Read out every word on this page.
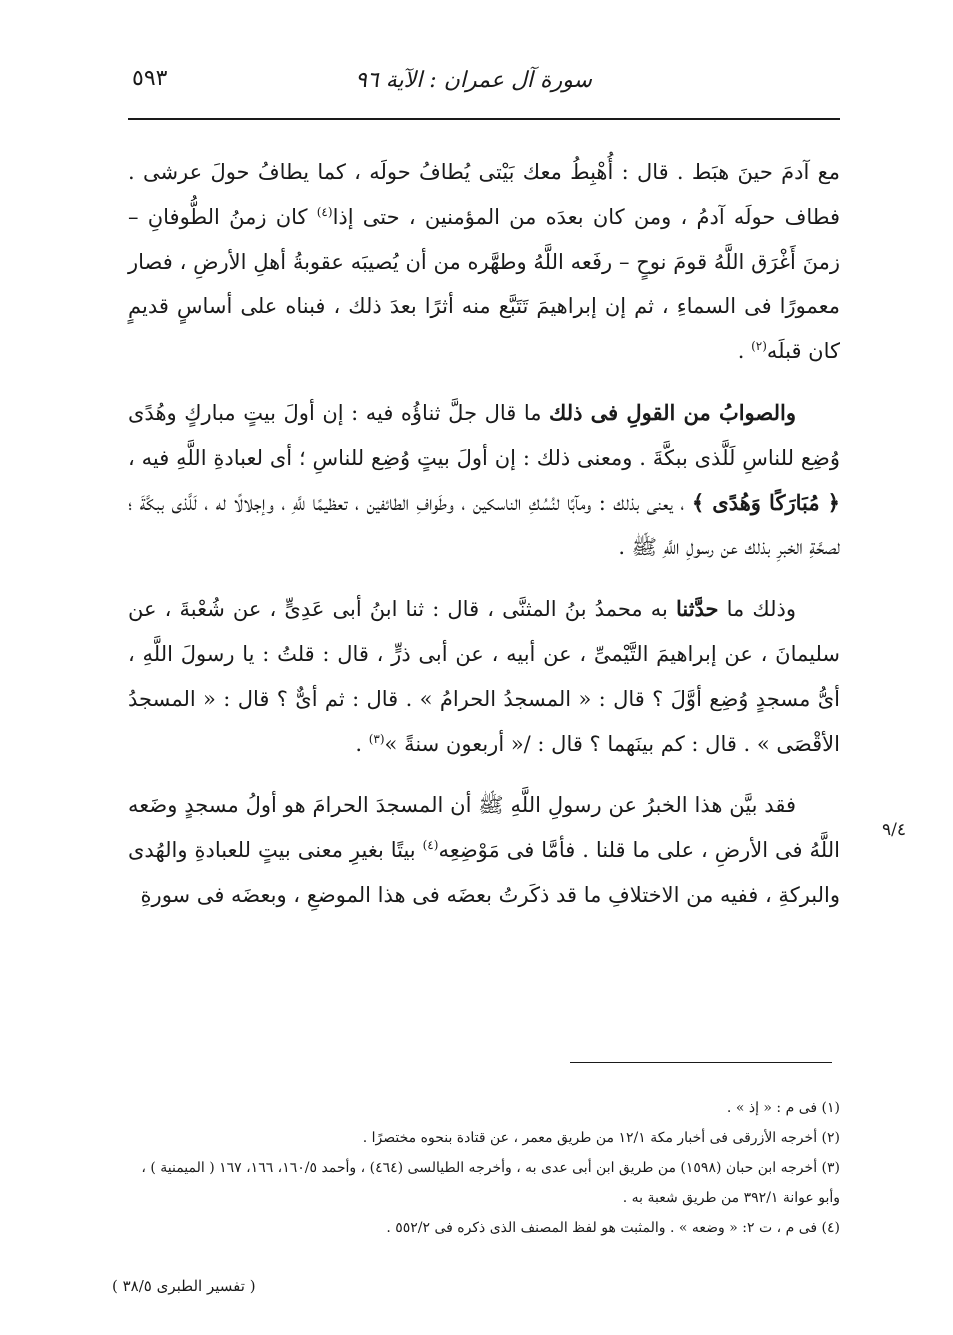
سورة آل عمران : الآية ٩٦
٥٩٣

مع آدمَ حينَ هبَط . قال : أُهْبِطُ معك بَيْتى يُطافُ حولَه ، كما يطافُ حولَ عرشى . فطاف حولَه آدمُ ، ومن كان بعدَه من المؤمنين ، حتى إذا$^{(٤)}$ كان زمنُ الطُّوفانِ – زمنَ أَغْرَق اللَّهُ قومَ نوحٍ – رفَعه اللَّهُ وطهَّره من أن يُصيبَه عقوبةُ أهلِ الأرضِ ، فصار معمورًا فى السماءِ ، ثم إن إبراهيمَ تَتَبَّع منه أثرًا بعدَ ذلك ، فبناه على أساسٍ قديمٍ كان قبلَه$^{(٢)}$ .

والصوابُ من القولِ فى ذلك ما قال جلَّ ثناؤُه فيه : إن أولَ بيتٍ مباركٍ وهُدًى وُضِع للناسِ لَلَّذى ببكَّةَ . ومعنى ذلك : إن أولَ بيتٍ وُضِع للناسِ ؛ أى لعبادةِ اللَّهِ فيه ، ﴿ مُبَارَكًا وَهُدًى ﴾ ، يعنى بذلك : ومآبًا لنُسُكِ الناسكين ، وطَوافِ الطائفين ، تعظيمًا للَّهِ ، وإجلالًا له ، لَلَّذى ببكَّةَ ؛ لصحَّةِ الخبرِ بذلك عن رسولِ اللَّهِ ﷺ .

وذلك ما حدَّثنا به محمدُ بنُ المثنَّى ، قال : ثنا ابنُ أبى عَدِىٍّ ، عن شُعْبةَ ، عن سليمانَ ، عن إبراهيمَ التَّيْمىِّ ، عن أبيه ، عن أبى ذرٍّ ، قال : قلتُ : يا رسولَ اللَّهِ ، أىُّ مسجدٍ وُضِع أوَّلَ ؟ قال : « المسجدُ الحرامُ » . قال : ثم أىٌّ ؟ قال : « المسجدُ الأقْصَى » . قال : كم بينَهما ؟ قال : /« أربعون سنةً »$^{(٣)}$ .

فقد بيَّن هذا الخبرُ عن رسولِ اللَّهِ ﷺ أن المسجدَ الحرامَ هو أولُ مسجدٍ وضَعه اللَّهُ فى الأرضِ ، على ما قلنا . فأمَّا فى مَوْضِعِه$^{(٤)}$ بيتًا بغيرِ معنى بيتٍ للعبادةِ والهُدى والبركةِ ، ففيه من الاختلافِ ما قد ذكَرتُ بعضَه فى هذا الموضعِ ، وبعضَه فى سورةِ

٩/٤

(١) فى م : « إذ » .

(٢) أخرجه الأزرقى فى أخبار مكة ١٢/١ من طريق معمر ، عن قتادة بنحوه مختصرًا .

(٣) أخرجه ابن حبان (١٥٩٨) من طريق ابن أبى عدى به ، وأخرجه الطيالسى (٤٦٤) ، وأحمد ١٦٠/٥، ١٦٦، ١٦٧ ( الميمنية ) ، وأبو عوانة ٣٩٢/١ من طريق شعبة به .

(٤) فى م ، ت ٢: « وضعه » . والمثبت هو لفظ المصنف الذى ذكره فى ٥٥٢/٢ .

( تفسير الطبرى ٣٨/٥ )
